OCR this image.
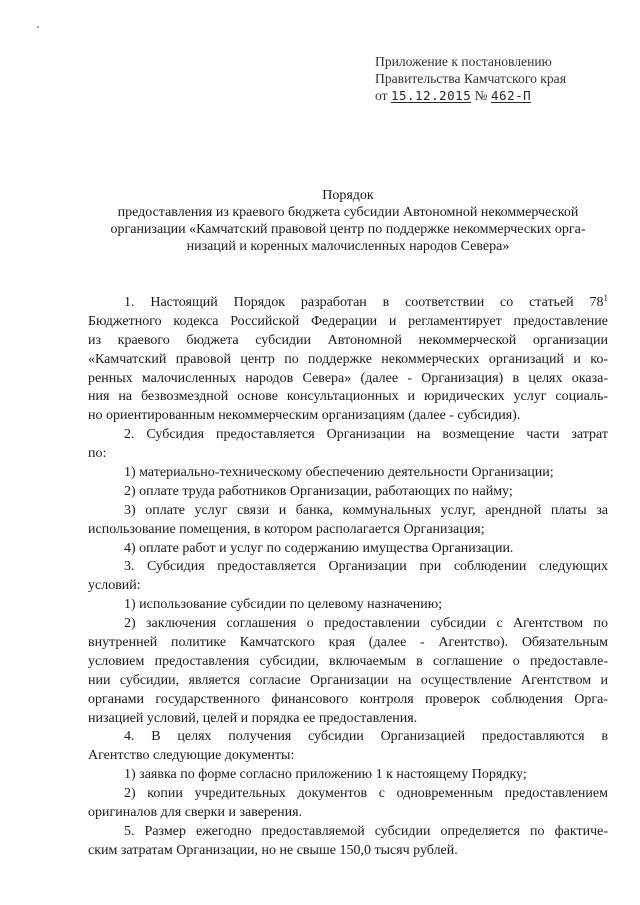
Приложение к постановлению
Правительства Камчатского края
от 15.12.2015 № 462-П
Порядок
предоставления из краевого бюджета субсидии Автономной некоммерческой
организации «Камчатский правовой центр по поддержке некоммерческих орга-
низаций и коренных малочисленных народов Севера»
1. Настоящий Порядок разработан в соответствии со статьей $78^1$
Бюджетного кодекса Российской Федерации и регламентирует предоставление
из краевого бюджета субсидии Автономной некоммерческой организации
«Камчатский правовой центр по поддержке некоммерческих организаций и ко-
ренных малочисленных народов Севера» (далее - Организация) в целях оказа-
ния на безвозмездной основе консультационных и юридических услуг социаль-
но ориентированным некоммерческим организациям (далее - субсидия).
2. Субсидия предоставляется Организации на возмещение части затрат
по:
1) материально-техническому обеспечению деятельности Организации;
2) оплате труда работников Организации, работающих по найму;
3) оплате услуг связи и банка, коммунальных услуг, арендной платы за
использование помещения, в котором располагается Организация;
4) оплате работ и услуг по содержанию имущества Организации.
3. Субсидия предоставляется Организации при соблюдении следующих
условий:
1) использование субсидии по целевому назначению;
2) заключения соглашения о предоставлении субсидии с Агентством по
внутренней политике Камчатского края (далее - Агентство). Обязательным
условием предоставления субсидии, включаемым в соглашение о предоставле-
нии субсидии, является согласие Организации на осуществление Агентством и
органами государственного финансового контроля проверок соблюдения Орга-
низацией условий, целей и порядка ее предоставления.
4. В целях получения субсидии Организацией предоставляются в
Агентство следующие документы:
1) заявка по форме согласно приложению 1 к настоящему Порядку;
2) копии учредительных документов с одновременным предоставлением
оригиналов для сверки и заверения.
5. Размер ежегодно предоставляемой субсидии определяется по фактиче-
ским затратам Организации, но не свыше 150,0 тысяч рублей.
